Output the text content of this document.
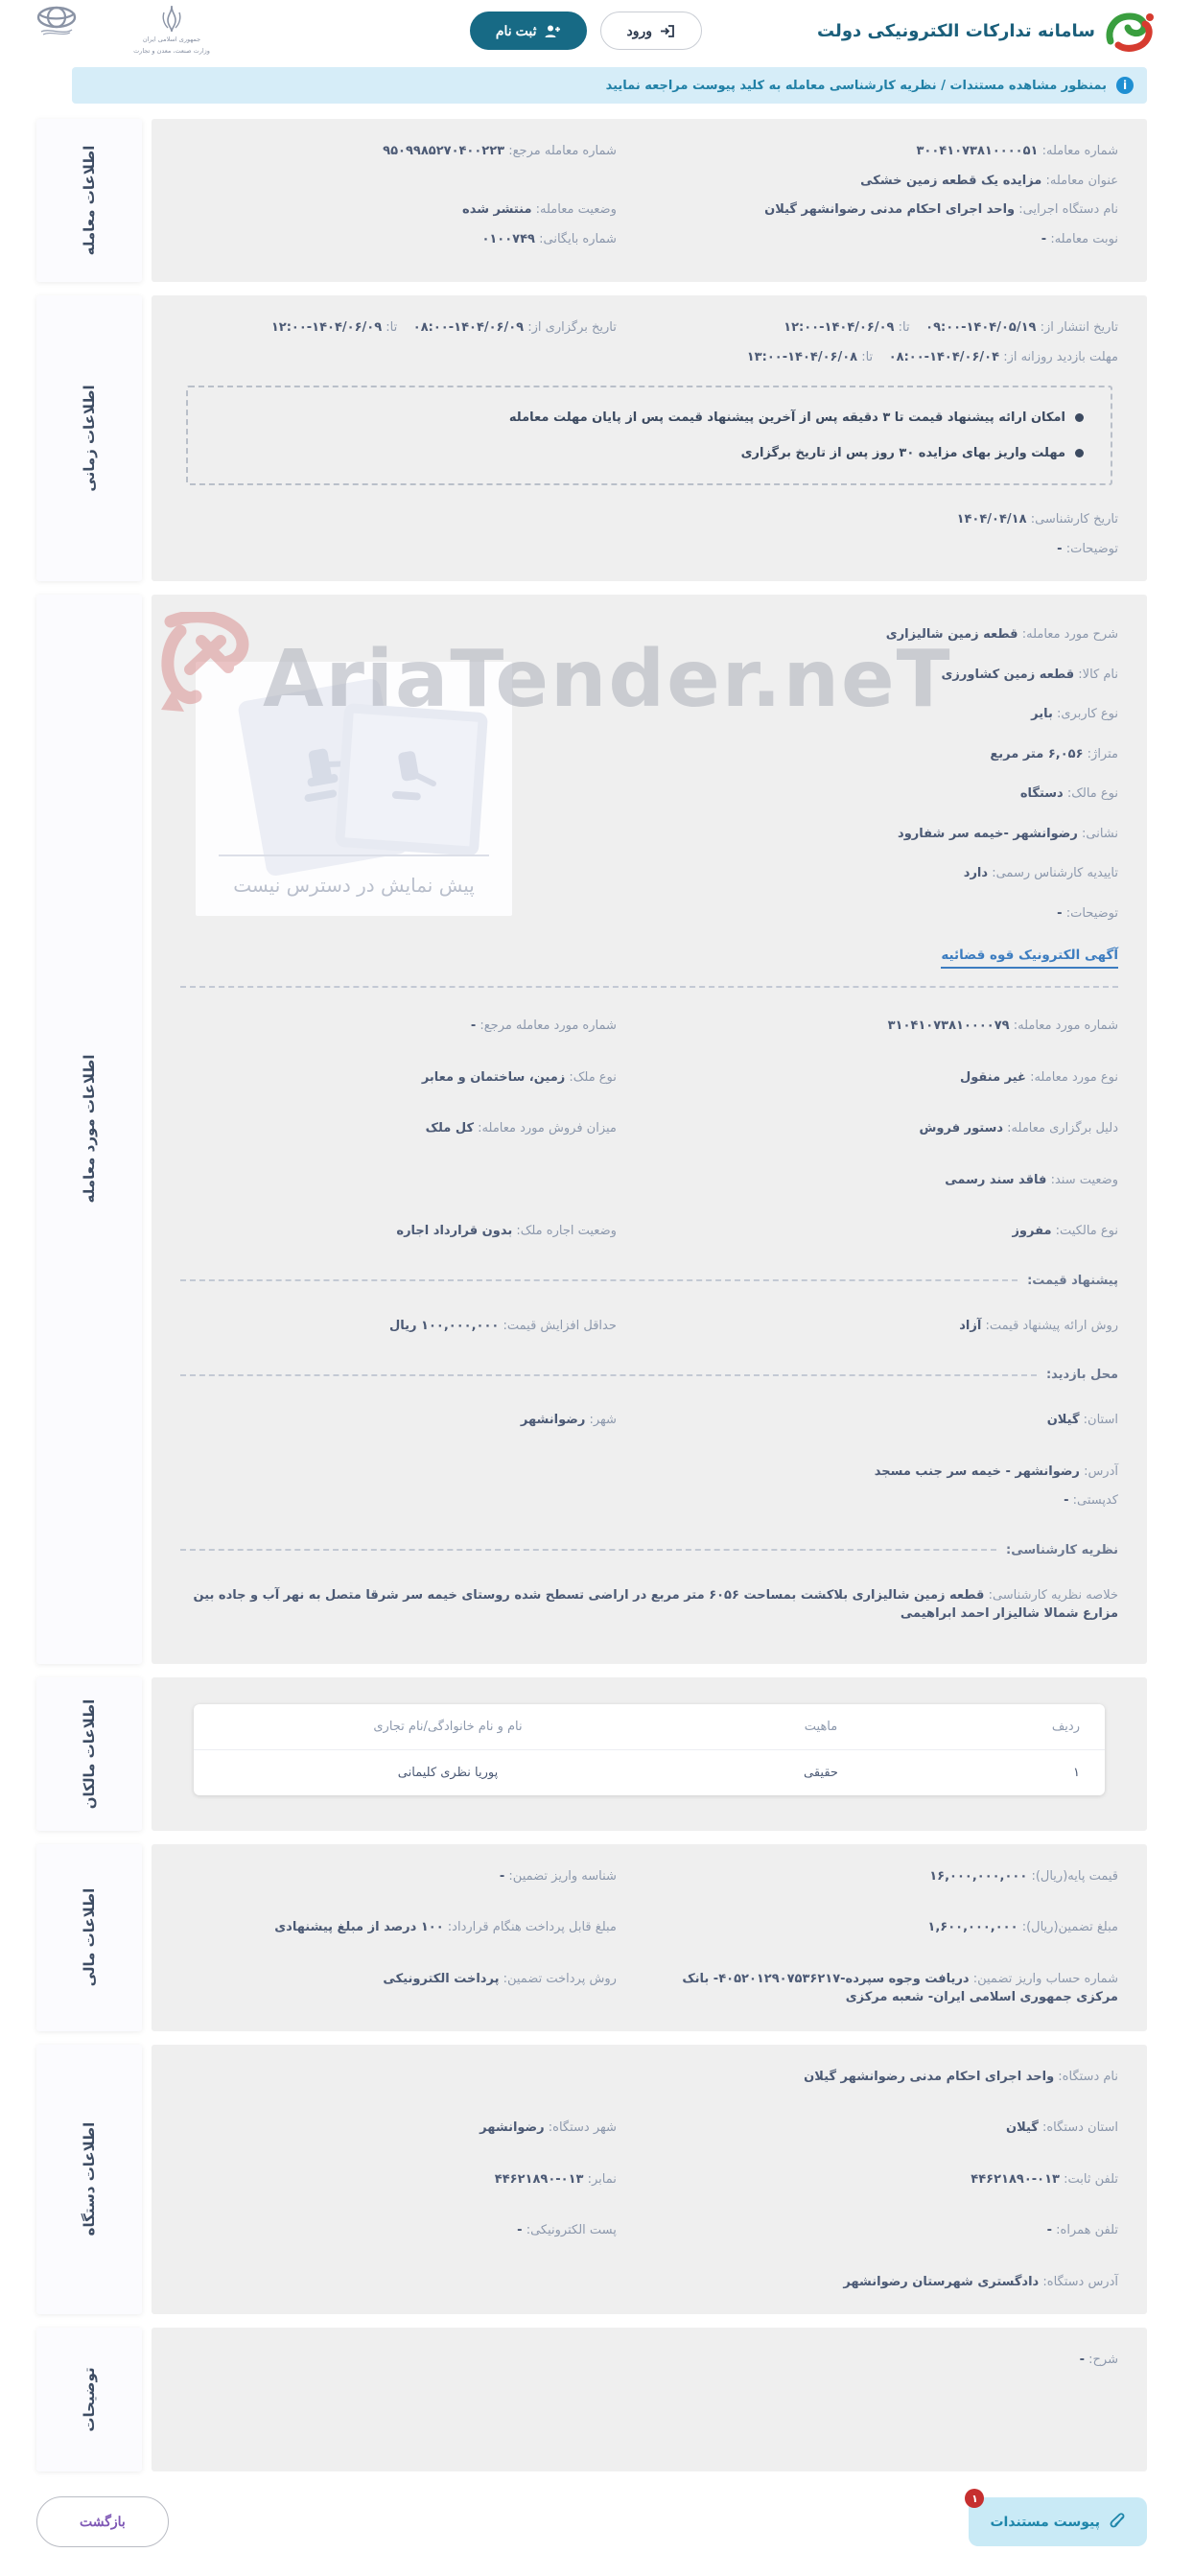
سامانه تدارکات الکترونیکی دولت
ورود
ثبت نام
جمهوری اسلامی ایران
وزارت صنعت، معدن و تجارت
i
بمنظور مشاهده مستندات / نظریه کارشناسی معامله به کلید پیوست مراجعه نمایید
شماره معامله: ۳۰۰۴۱۰۷۳۸۱۰۰۰۰۵۱
شماره معامله مرجع: ۹۵۰۹۹۸۵۲۷۰۴۰۰۲۲۳
عنوان معامله: مزایده یک قطعه زمین خشکی
نام دستگاه اجرایی: واحد اجرای احکام مدنی رضوانشهر گیلان
وضعیت معامله: منتشر شده
نوبت معامله: -
شماره بایگانی: ۰۱۰۰۷۴۹
اطلاعات معامله
تاریخ انتشار از: ۱۴۰۴/۰۵/۱۹-۰۹:۰۰    تا: ۱۴۰۴/۰۶/۰۹-۱۲:۰۰
تاریخ برگزاری از: ۱۴۰۴/۰۶/۰۹-۰۸:۰۰    تا: ۱۴۰۴/۰۶/۰۹-۱۲:۰۰
مهلت بازدید روزانه از: ۱۴۰۴/۰۶/۰۴-۰۸:۰۰    تا: ۱۴۰۴/۰۶/۰۸-۱۳:۰۰
امکان ارائه پیشنهاد قیمت تا ۳ دقیقه پس از آخرین پیشنهاد قیمت پس از پایان مهلت معامله
مهلت واریز بهای مزایده ۳۰ روز پس از تاریخ برگزاری
تاریخ کارشناسی: ۱۴۰۴/۰۴/۱۸
توضیحات: -
اطلاعات زمانی
AriaTender.neT	شرح مورد معامله: قطعه زمین شالیزاری
نام کالا: قطعه زمین کشاورزی
نوع کاربری: بایر
متراژ: ۶,۰۵۶ متر مربع
نوع مالک: دستگاه
نشانی: رضوانشهر -خیمه سر شفارود
تاییدیه کارشناس رسمی: دارد
توضیحات: -
آگهی الکترونیک قوه قضائیه
پیش نمایش در دسترس نیست
شماره مورد معامله: ۳۱۰۴۱۰۷۳۸۱۰۰۰۰۷۹
شماره مورد معامله مرجع: -
نوع مورد معامله: غیر منقول
نوع ملک: زمین، ساختمان و معابر
دلیل برگزاری معامله: دستور فروش
میزان فروش مورد معامله: کل ملک
وضعیت سند: فاقد سند رسمی
نوع مالکیت: مفروز
وضعیت اجاره ملک: بدون قرارداد اجاره
پیشنهاد قیمت:
روش ارائه پیشنهاد قیمت: آزاد
حداقل افزایش قیمت: ۱۰۰,۰۰۰,۰۰۰ ریال
محل بازدید:
استان: گیلان
شهر: رضوانشهر
آدرس: رضوانشهر - خیمه سر جنب مسجد
کدپستی: -
نظریه کارشناسی:
خلاصه نظریه کارشناسی: قطعه زمین شالیزاری بلاکشت بمساحت ۶۰۵۶ متر مربع در اراضی تسطح شده روستای خیمه سر شرقا متصل به نهر آب و جاده بین مزارع شمالا شالیزار احمد ابراهیمی
اطلاعات مورد معامله
ردیف
ماهیت
نام و نام خانوادگی/نام تجاری
۱
حقیقی
پوریا نظری کلیمانی
اطلاعات مالکان
قیمت پایه(ریال): ۱۶,۰۰۰,۰۰۰,۰۰۰
شناسه واریز تضمین: -
مبلغ تضمین(ریال): ۱,۶۰۰,۰۰۰,۰۰۰
مبلغ قابل پرداخت هنگام قرارداد: ۱۰۰ درصد از مبلغ پیشنهادی
شماره حساب واریز تضمین: دریافت وجوه سپرده-۴۰۵۲۰۱۲۹۰۷۵۳۶۲۱۷- بانک مرکزی جمهوری اسلامی ایران- شعبه مرکزی
روش پرداخت تضمین: پرداخت الکترونیکی
اطلاعات مالی
نام دستگاه: واحد اجرای احکام مدنی رضوانشهر گیلان
استان دستگاه: گیلان
شهر دستگاه: رضوانشهر
تلفن ثابت: ۰۱۳-۴۴۶۲۱۸۹۰
نمابر: ۰۱۳-۴۴۶۲۱۸۹۰
تلفن همراه: -
پست الکترونیکی: -
آدرس دستگاه: دادگستری شهرستان رضوانشهر
اطلاعات دستگاه
شرح: -
توضیحات
۱
پیوست مستندات
بازگشت
